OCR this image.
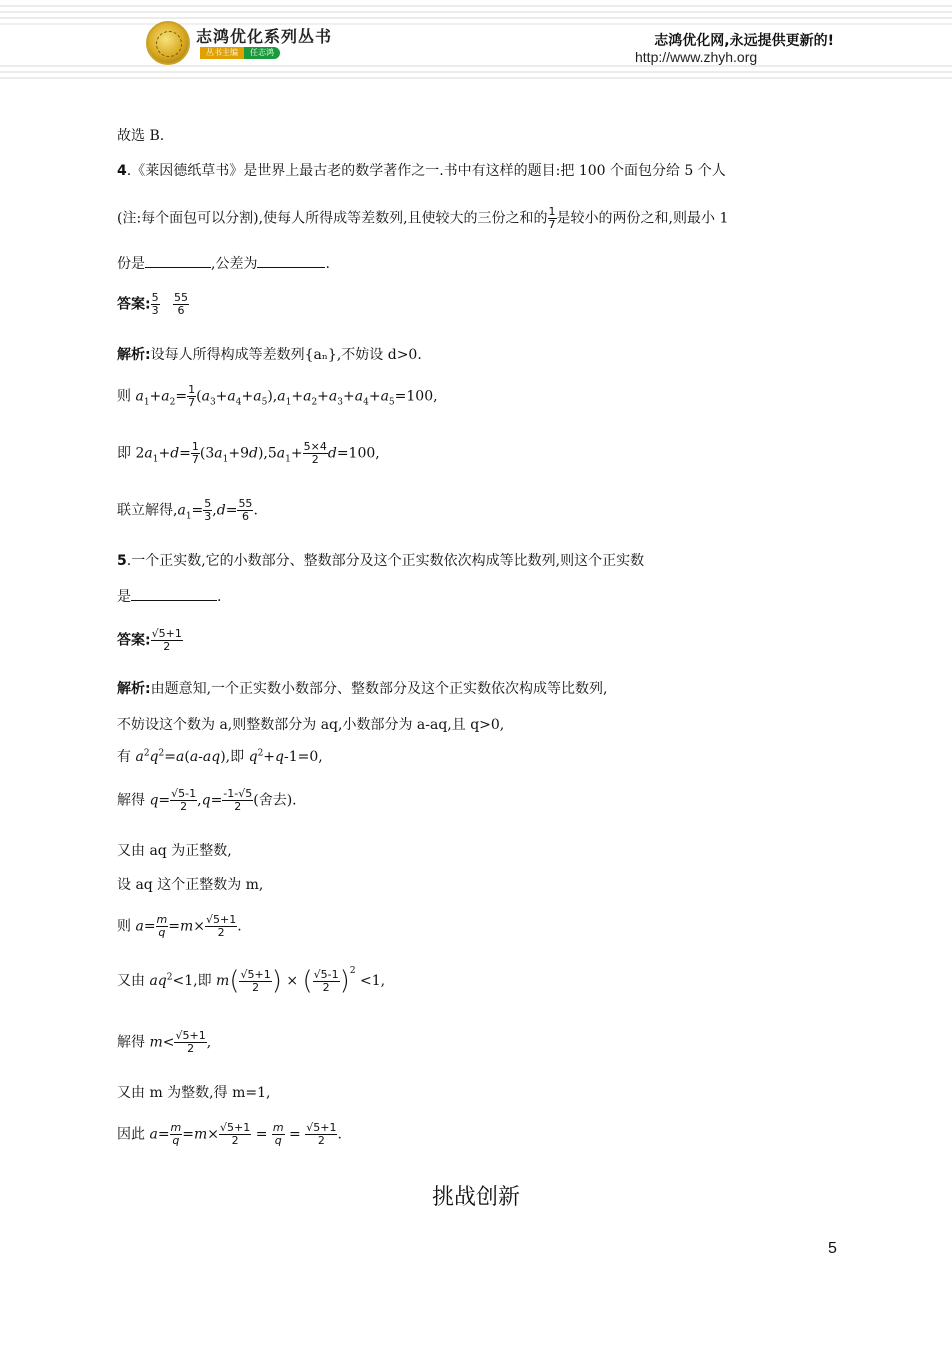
志鸿优化系列丛书
丛书主编	任志鸿
志鸿优化网,永远提供更新的!
http://www.zhyh.org
故选 B.
4.《莱因德纸草书》是世界上最古老的数学著作之一.书中有这样的题目:把 100 个面包分给 5 个人
(注:每个面包可以分割),使每人所得成等差数列,且使较大的三份之和的 $\frac{1}{7}$ 是较小的两份之和,则最小 1
份是	,公差为	.
答案: $\frac{5}{3}$
$\frac{55}{6}$
解析:设每人所得构成等差数列{aₙ},不妨设 d>0.
则 $a_1+a_2= \frac{1}{7} (a_3+a_4+a_5),a_1+a_2+a_3+a_4+a_5=100$,
即 $2a_1+d= \frac{1}{7} (3a_1+9d),5a_1+ \frac{5\times 4}{2} d=100$,
联立解得$,a_1= \frac{5}{3} ,d= \frac{55}{6}$ .
5.一个正实数,它的小数部分、整数部分及这个正实数依次构成等比数列,则这个正实数
是	.
答案: $\frac{√5+1}{2}$
解析:由题意知,一个正实数小数部分、整数部分及这个正实数依次构成等比数列,
不妨设这个数为 a,则整数部分为 aq,小数部分为 a-aq,且 q>0,
有 $a^2q^2=a(a-aq)$,即 $q^2+q-1=0$,
解得 $q= \frac{√5-1}{2} ,q= \frac{-1-√5}{2}$ (舍去).
又由 aq 为正整数,
设 aq 这个正整数为 m,
则 $a= \frac{m}{q} =m\times \frac{√5+1}{2}$ .
又由 $aq^2<1$,即 $m( \frac{√5+1}{2}$ ) × ( $\frac{√5-1}{2} )^2 <1$,
解得 $m< \frac{√5+1}{2}$ ,
又由 m 为整数,得 m=1,
因此 $a= \frac{m}{q} =m\times \frac{√5+1}{2} = \frac{m}{q} = \frac{√5+1}{2}$ .
挑战创新
5
